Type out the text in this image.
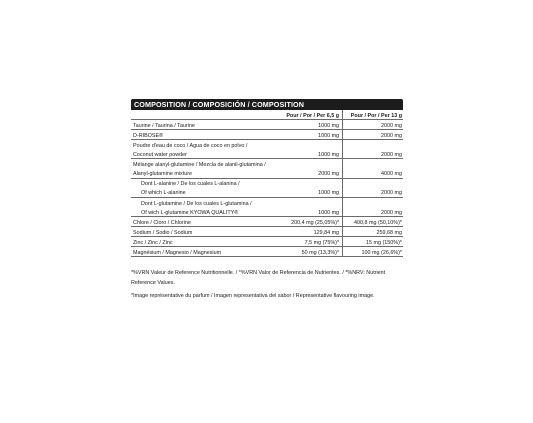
COMPOSITION / COMPOSICIÓN / COMPOSITION
	Pour / Por / Per 6,5 g	Pour / Por / Per 13 g
Taurine / Taurina / Taurine	1000 mg	2000 mg
D-RIBOSE®	1000 mg	2000 mg
Poudre d'eau de coco / Agua de coco en polvo /		
Coconut water powder	1000 mg	2000 mg
Mélange alanyl-glutamine / Mezcla de alanil-glutamina /		
Alanyl-glutamine mixture	2000 mg	4000 mg
Dont L-alanine / De los cuales L-alanina /		
Of which L-alanine	1000 mg	2000 mg
Dont L-glutamine / De los cuales L-glutamina /		
Of wich L-glutamine KYOWA QUALITY®	1000 mg	2000 mg
Chlore / Cloro / Chlorine	200,4 mg (25,05%)*	400,8 mg (50,10%)*
Sodium / Sodio / Sodium	129,84 mg	259,68 mg
Zinc / Zinc / Zinc	7,5 mg (75%)*	15 mg (150%)*
Magnésium / Magnesio / Magnesium	50 mg (13,3%)*	100 mg (26,6%)*

*%VRN Valeur de Reference Nutritionnelle. / *%VRN Valor de Referencia de Nutrientes. / *%NRV: Nutrient

Reference Values.

*Image représentative du parfum / Imagen representativa del sabor / Representative flavouring image.
